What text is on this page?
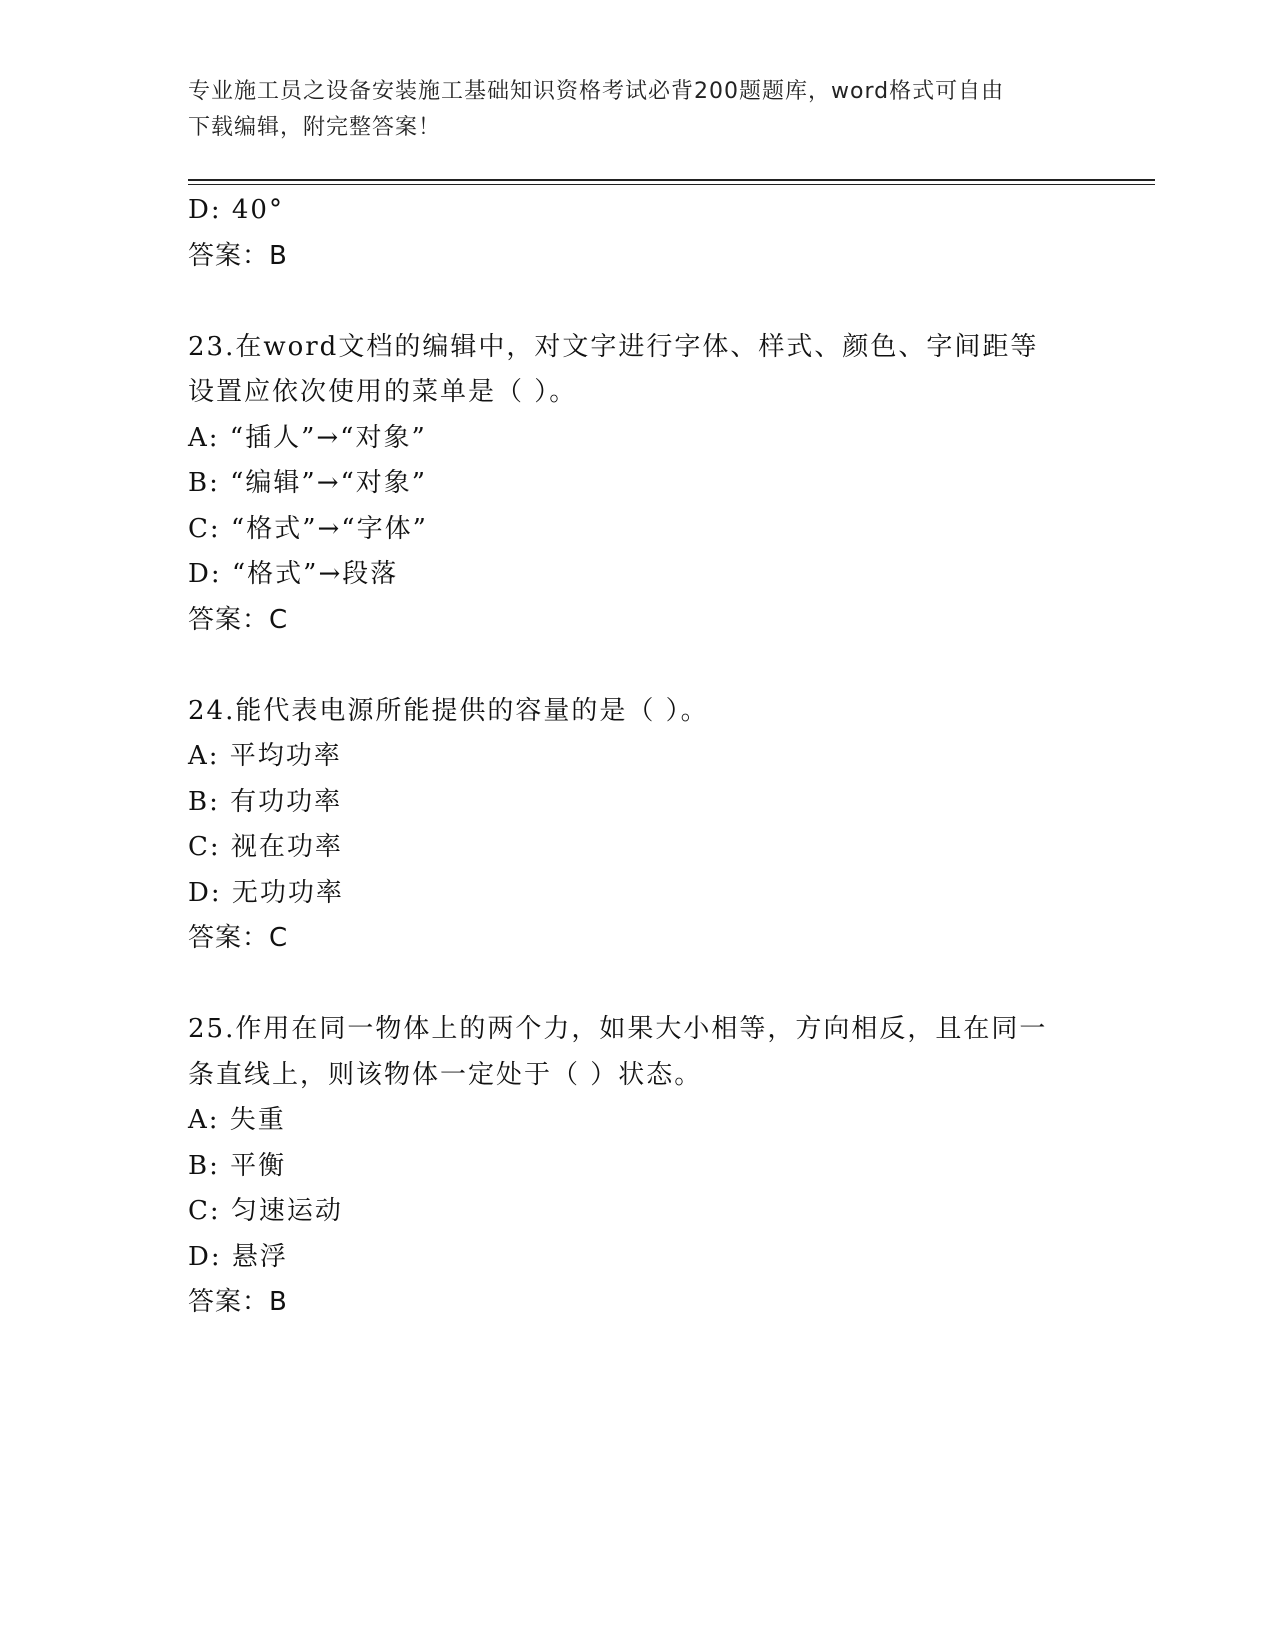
专业施工员之设备安装施工基础知识资格考试必背200题题库，word格式可自由
下载编辑，附完整答案！
D: 40°
答案：B
23.在word文档的编辑中，对文字进行字体、样式、颜色、字间距等
设置应依次使用的菜单是（ ）。
A: “插人”→“对象”
B: “编辑”→“对象”
C: “格式”→“字体”
D: “格式”→段落
答案：C
24.能代表电源所能提供的容量的是（ ）。
A: 平均功率
B: 有功功率
C: 视在功率
D: 无功功率
答案：C
25.作用在同一物体上的两个力，如果大小相等，方向相反，且在同一
条直线上，则该物体一定处于（ ）状态。
A: 失重
B: 平衡
C: 匀速运动
D: 悬浮
答案：B
